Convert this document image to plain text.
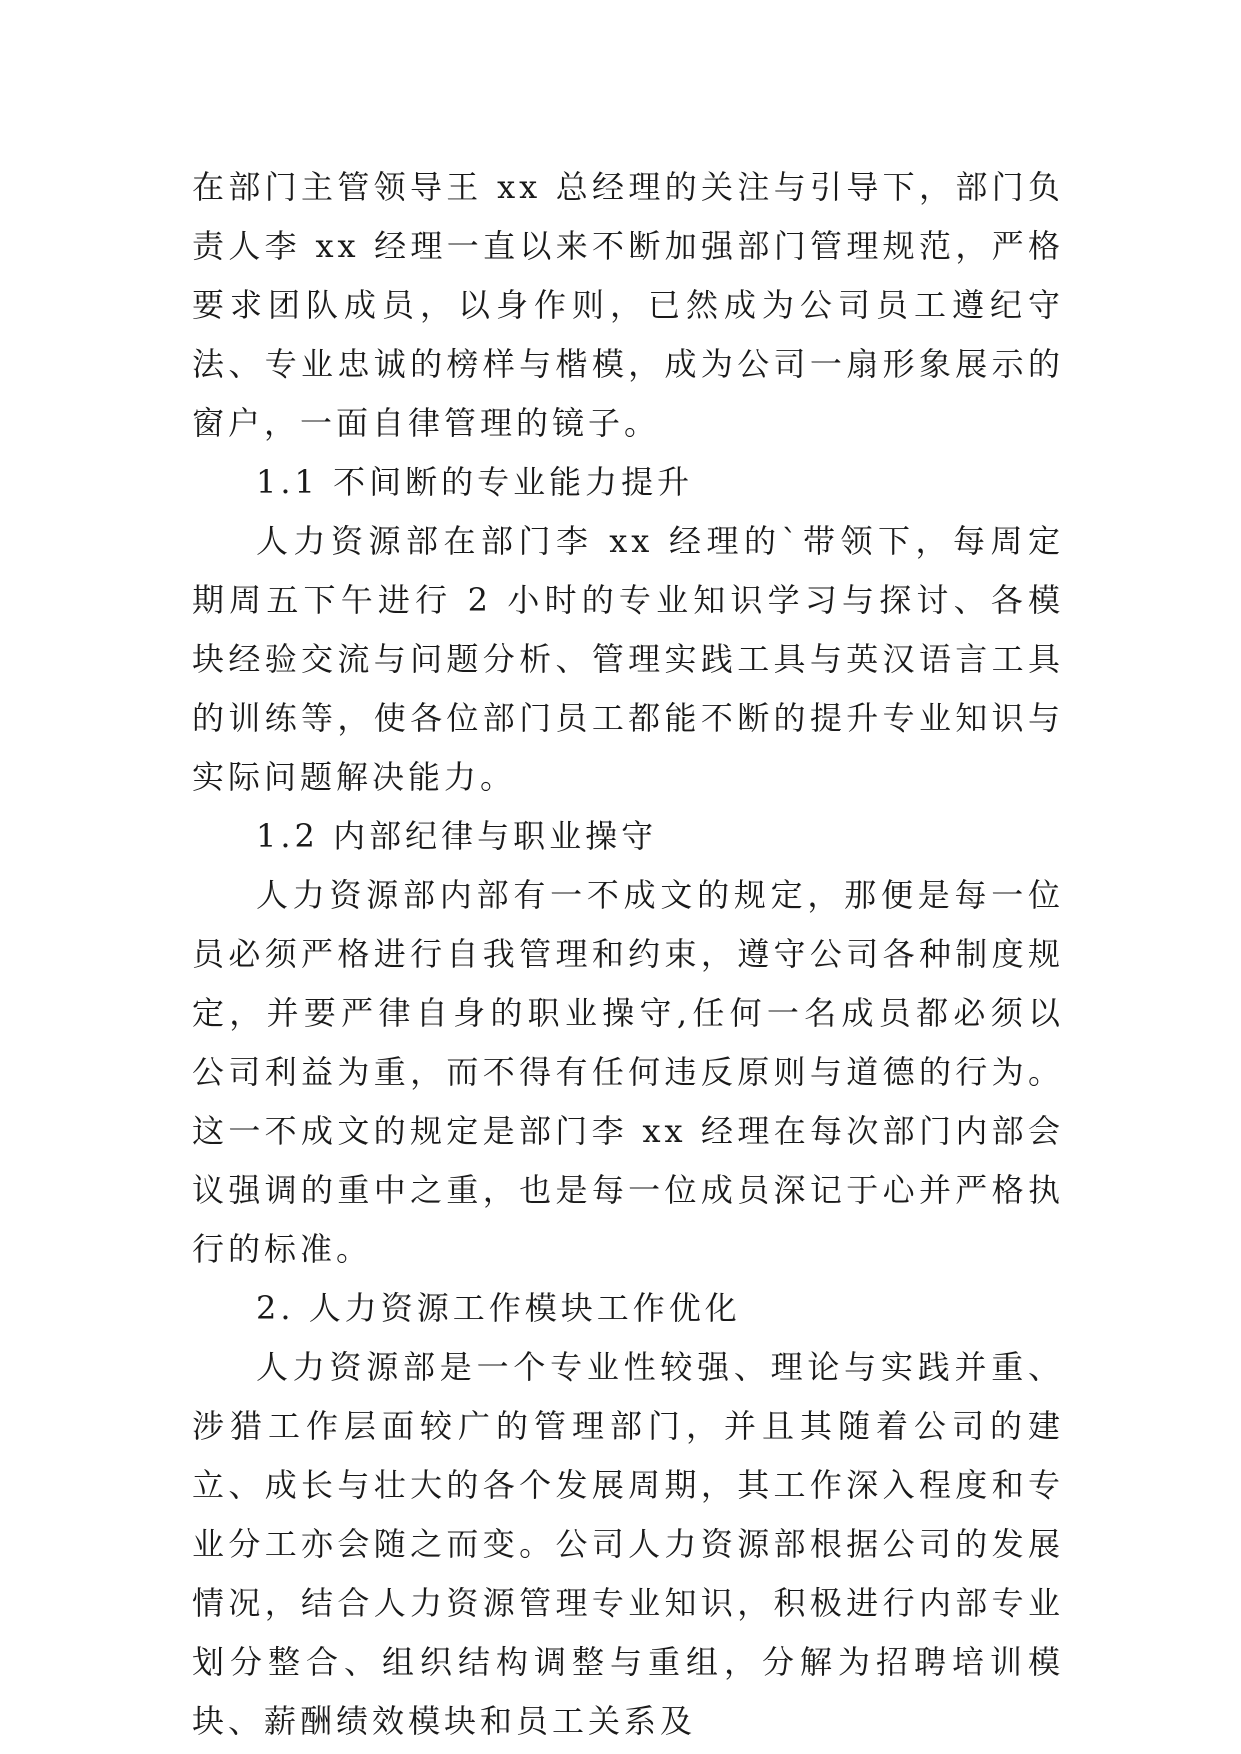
在部门主管领导王 xx 总经理的关注与引导下，部门负责人李 xx 经理一直以来不断加强部门管理规范，严格要求团队成员，以身作则，已然成为公司员工遵纪守法、专业忠诚的榜样与楷模，成为公司一扇形象展示的窗户，一面自律管理的镜子。

1.1 不间断的专业能力提升

人力资源部在部门李 xx 经理的`带领下，每周定期周五下午进行 2 小时的专业知识学习与探讨、各模块经验交流与问题分析、管理实践工具与英汉语言工具的训练等，使各位部门员工都能不断的提升专业知识与实际问题解决能力。

1.2 内部纪律与职业操守

人力资源部内部有一不成文的规定，那便是每一位员必须严格进行自我管理和约束，遵守公司各种制度规定，并要严律自身的职业操守,任何一名成员都必须以公司利益为重，而不得有任何违反原则与道德的行为。这一不成文的规定是部门李 xx 经理在每次部门内部会议强调的重中之重，也是每一位成员深记于心并严格执行的标准。

2. 人力资源工作模块工作优化

人力资源部是一个专业性较强、理论与实践并重、涉猎工作层面较广的管理部门，并且其随着公司的建立、成长与壮大的各个发展周期，其工作深入程度和专业分工亦会随之而变。公司人力资源部根据公司的发展情况，结合人力资源管理专业知识，积极进行内部专业划分整合、组织结构调整与重组，分解为招聘培训模块、薪酬绩效模块和员工关系及
